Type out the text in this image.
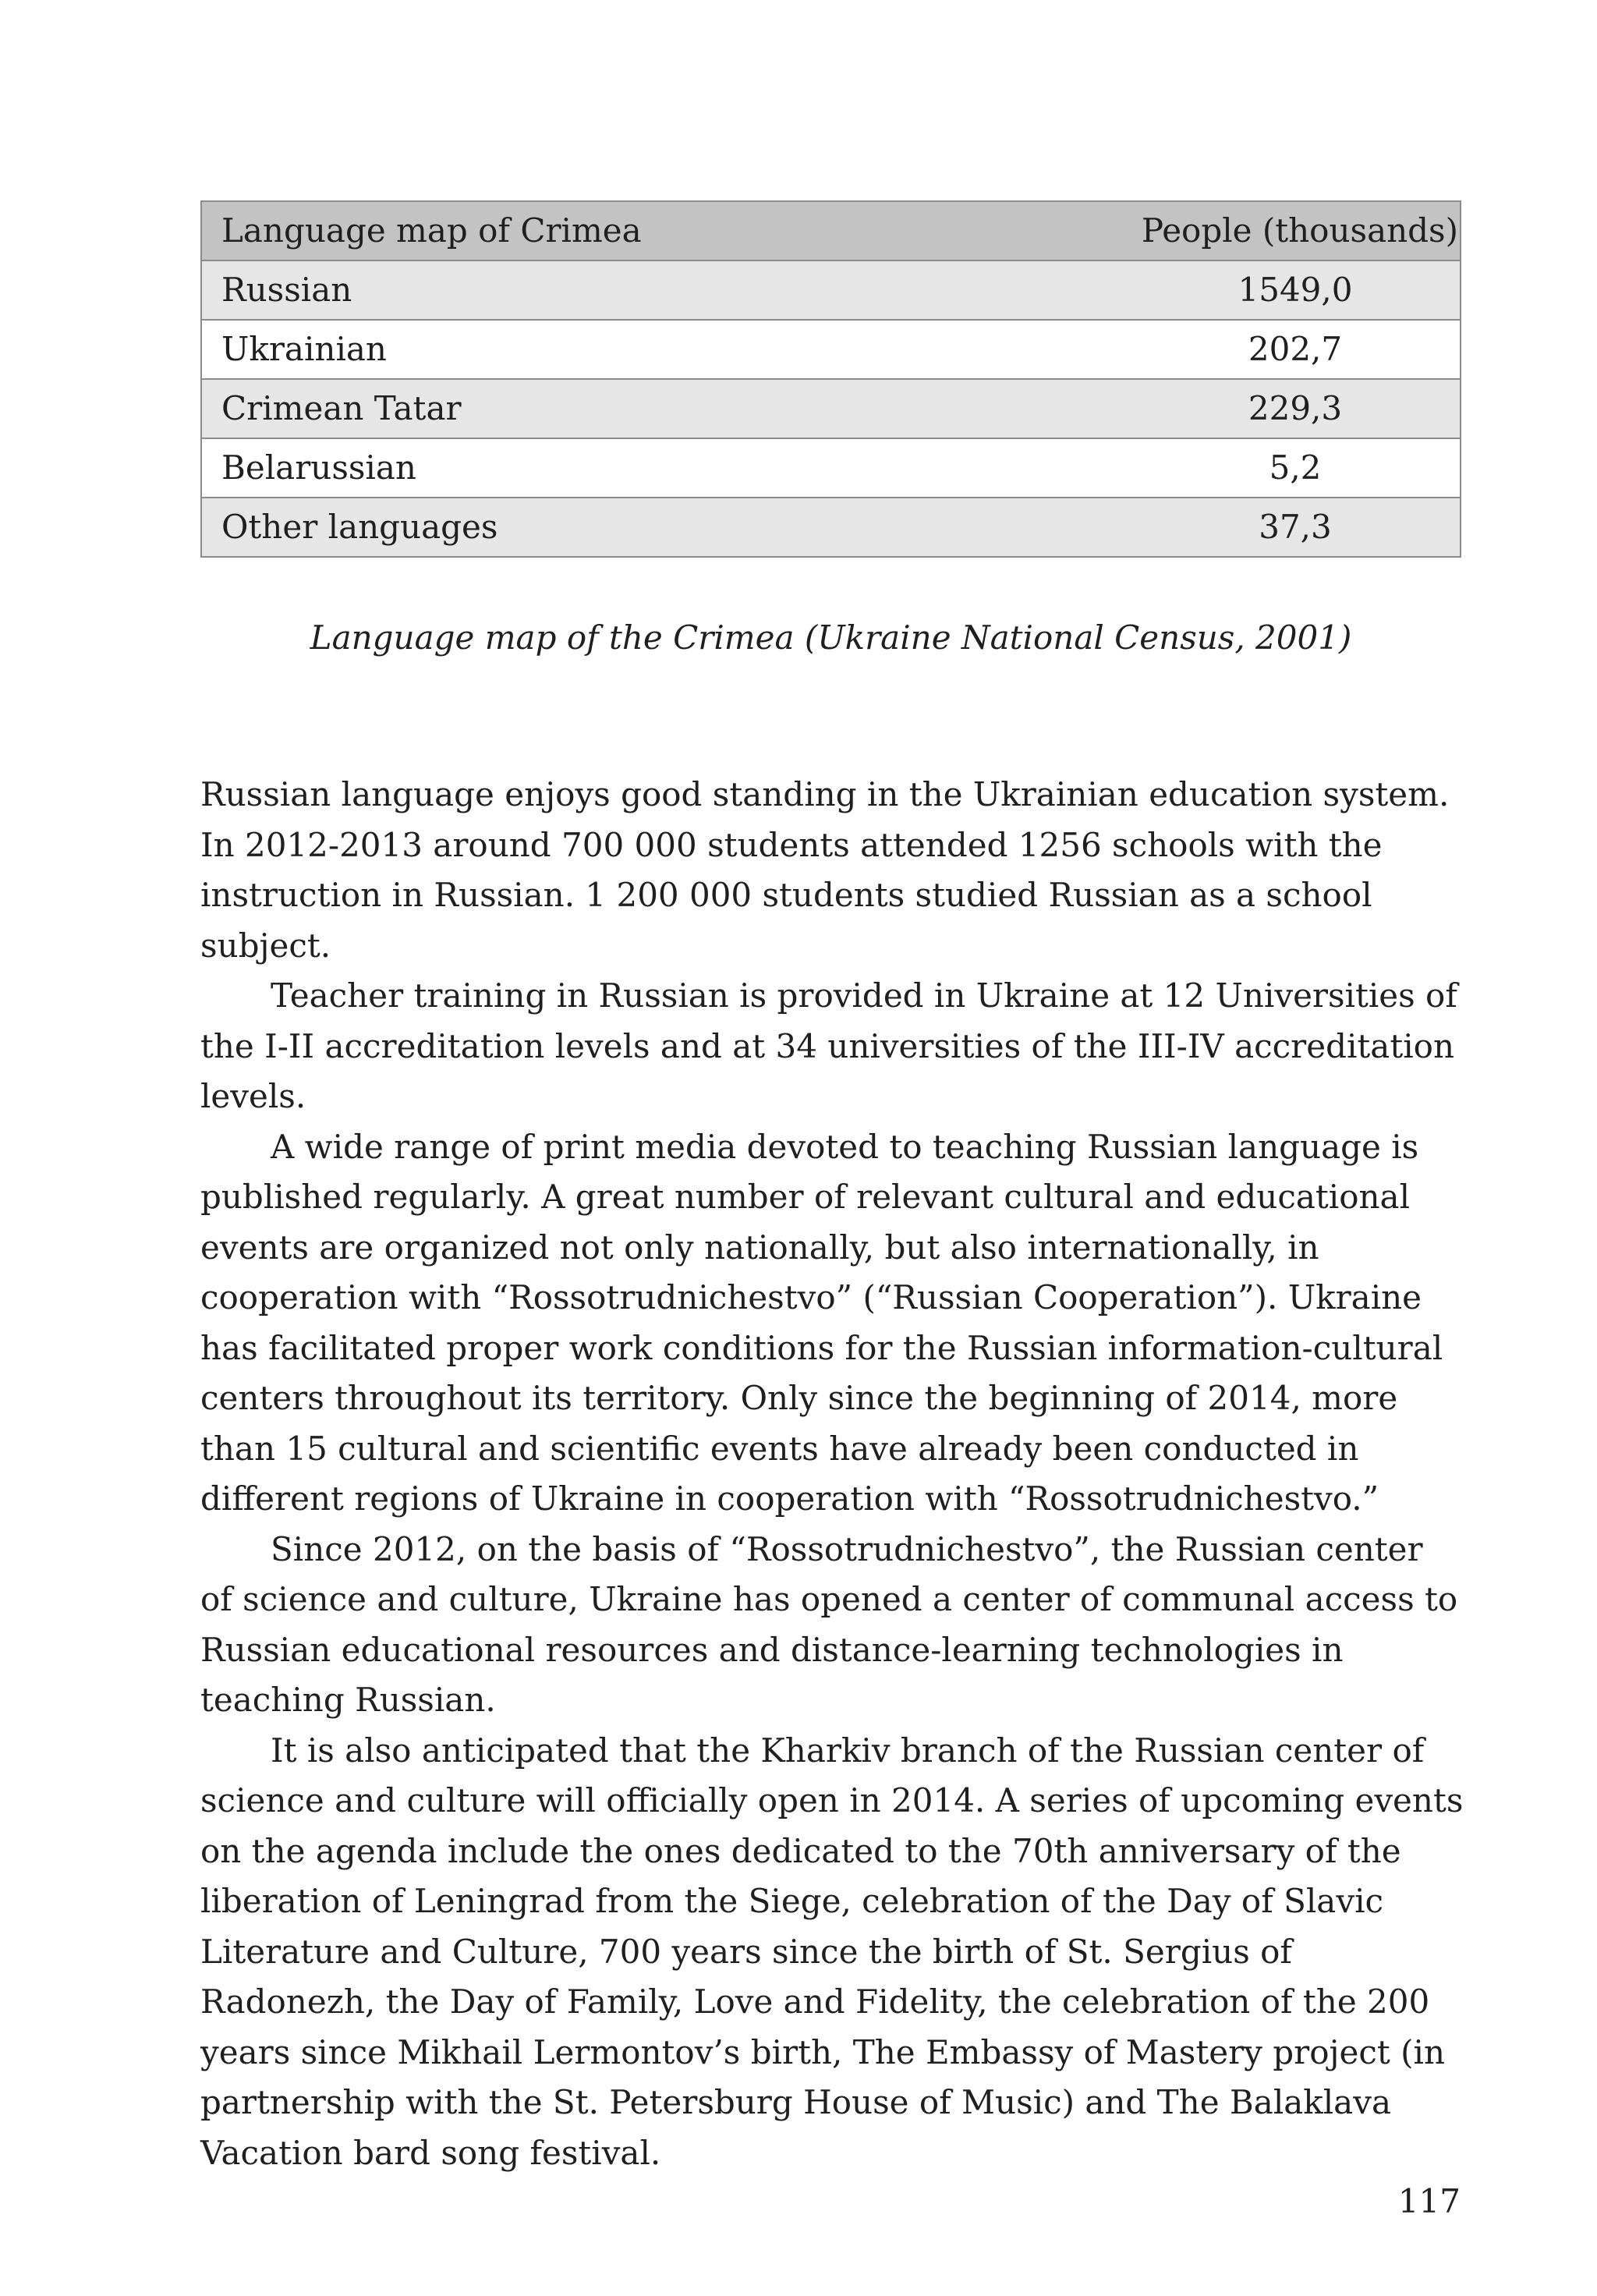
Language map of Crimea	People (thousands)
Russian	1549,0
Ukrainian	202,7
Crimean Tatar	229,3
Belarussian	5,2
Other languages	37,3
Language map of the Crimea (Ukraine National Census, 2001)

Russian language enjoys good standing in the Ukrainian education system. In 2012-2013 around 700 000 students attended 1256 schools with the instruction in Russian. 1 200 000 students studied Russian as a school subject.

Teacher training in Russian is provided in Ukraine at 12 Universities of the I-II accreditation levels and at 34 universities of the III-IV accreditation levels.

A wide range of print media devoted to teaching Russian language is published regularly. A great number of relevant cultural and educational events are organized not only nationally, but also internationally, in cooperation with “Rossotrudnichestvo” (“Russian Cooperation”). Ukraine has facilitated proper work conditions for the Russian information-cultural centers throughout its territory. Only since the beginning of 2014, more than 15 cultural and scientific events have already been conducted in different regions of Ukraine in cooperation with “Rossotrudnichestvo.”

Since 2012, on the basis of “Rossotrudnichestvo”, the Russian center of science and culture, Ukraine has opened a center of communal access to Russian educational resources and distance-learning technologies in teaching Russian.

It is also anticipated that the Kharkiv branch of the Russian center of science and culture will officially open in 2014. A series of upcoming events on the agenda include the ones dedicated to the 70th anniversary of the liberation of Leningrad from the Siege, celebration of the Day of Slavic Literature and Culture, 700 years since the birth of St. Sergius of Radonezh, the Day of Family, Love and Fidelity, the celebration of the 200 years since Mikhail Lermontov’s birth, The Embassy of Mastery project (in partnership with the St. Petersburg House of Music) and The Balaklava Vacation bard song festival.

117
